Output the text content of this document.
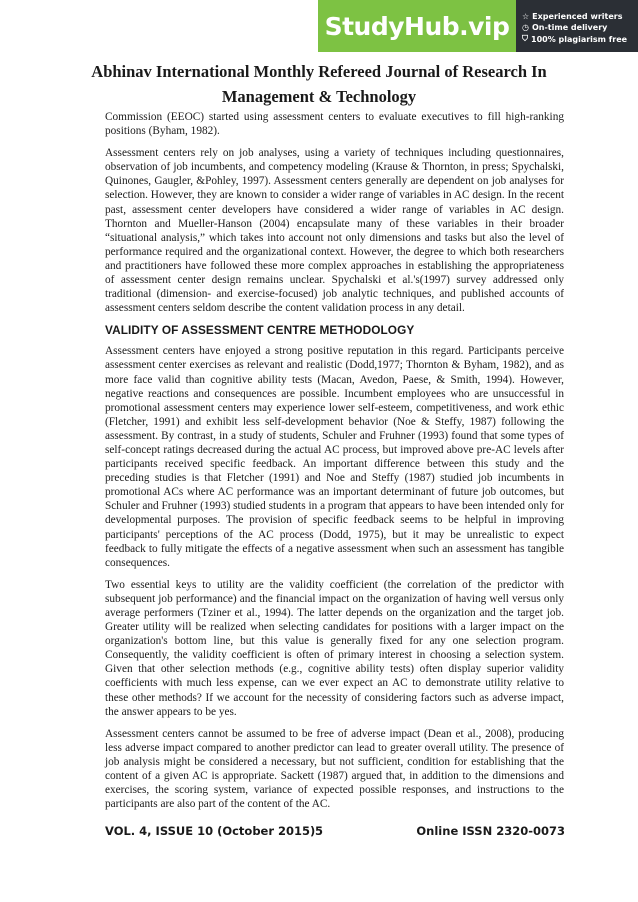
StudyHub.vip	☆ Experienced writers
◷ On-time delivery
⛉ 100% plagiarism free
Abhinav International Monthly Refereed Journal of Research In
Management & Technology

Commission (EEOC) started using assessment centers to evaluate executives to fill high-ranking positions (Byham, 1982).

Assessment centers rely on job analyses, using a variety of techniques including questionnaires, observation of job incumbents, and competency modeling (Krause & Thornton, in press; Spychalski, Quinones, Gaugler, &Pohley, 1997). Assessment centers generally are dependent on job analyses for selection. However, they are known to consider a wider range of variables in AC design. In the recent past, assessment center developers have considered a wider range of variables in AC design. Thornton and Mueller-Hanson (2004) encapsulate many of these variables in their broader “situational analysis,” which takes into account not only dimensions and tasks but also the level of performance required and the organizational context. However, the degree to which both researchers and practitioners have followed these more complex approaches in establishing the appropriateness of assessment center design remains unclear. Spychalski et al.'s(1997) survey addressed only traditional (dimension- and exercise-focused) job analytic techniques, and published accounts of assessment centers seldom describe the content validation process in any detail.

VALIDITY OF ASSESSMENT CENTRE METHODOLOGY

Assessment centers have enjoyed a strong positive reputation in this regard. Participants perceive assessment center exercises as relevant and realistic (Dodd,1977; Thornton & Byham, 1982), and as more face valid than cognitive ability tests (Macan, Avedon, Paese, & Smith, 1994). However, negative reactions and consequences are possible. Incumbent employees who are unsuccessful in promotional assessment centers may experience lower self-esteem, competitiveness, and work ethic (Fletcher, 1991) and exhibit less self-development behavior (Noe & Steffy, 1987) following the assessment. By contrast, in a study of students, Schuler and Fruhner (1993) found that some types of self-concept ratings decreased during the actual AC process, but improved above pre-AC levels after participants received specific feedback. An important difference between this study and the preceding studies is that Fletcher (1991) and Noe and Steffy (1987) studied job incumbents in promotional ACs where AC performance was an important determinant of future job outcomes, but Schuler and Fruhner (1993) studied students in a program that appears to have been intended only for developmental purposes. The provision of specific feedback seems to be helpful in improving participants' perceptions of the AC process (Dodd, 1975), but it may be unrealistic to expect feedback to fully mitigate the effects of a negative assessment when such an assessment has tangible consequences.

Two essential keys to utility are the validity coefficient (the correlation of the predictor with subsequent job performance) and the financial impact on the organization of having well versus only average performers (Tziner et al., 1994). The latter depends on the organization and the target job. Greater utility will be realized when selecting candidates for positions with a larger impact on the organization's bottom line, but this value is generally fixed for any one selection program. Consequently, the validity coefficient is often of primary interest in choosing a selection system. Given that other selection methods (e.g., cognitive ability tests) often display superior validity coefficients with much less expense, can we ever expect an AC to demonstrate utility relative to these other methods? If we account for the necessity of considering factors such as adverse impact, the answer appears to be yes.

Assessment centers cannot be assumed to be free of adverse impact (Dean et al., 2008), producing less adverse impact compared to another predictor can lead to greater overall utility. The presence of job analysis might be considered a necessary, but not sufficient, condition for establishing that the content of a given AC is appropriate. Sackett (1987) argued that, in addition to the dimensions and exercises, the scoring system, variance of expected possible responses, and instructions to the participants are also part of the content of the AC.

VOL. 4, ISSUE 10 (October 2015) 5	Online ISSN 2320-0073
